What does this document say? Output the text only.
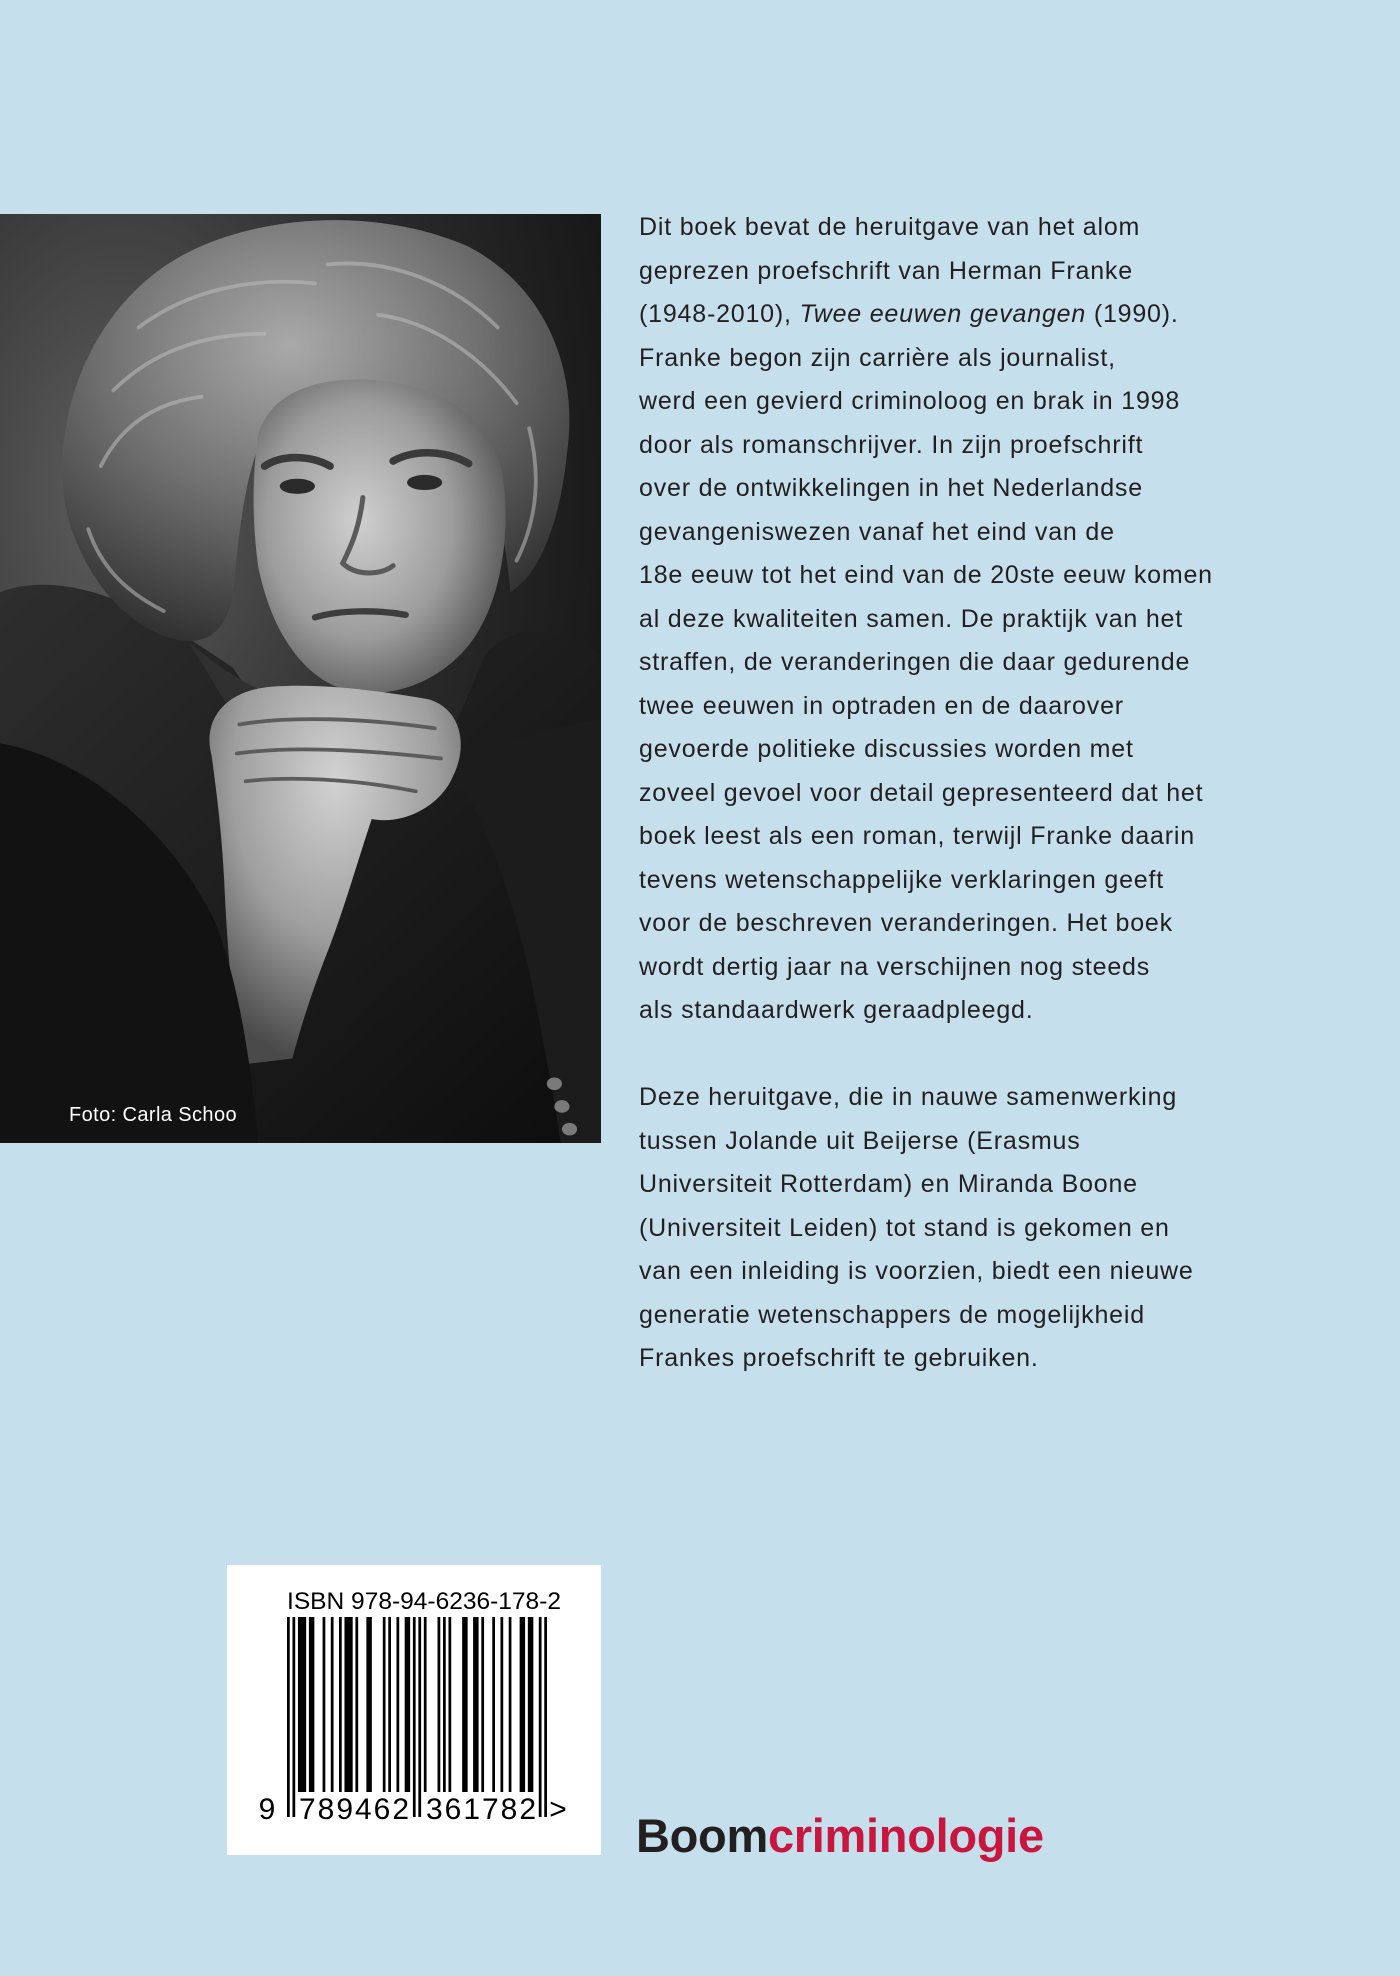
Foto: Carla Schoo
Dit boek bevat de heruitgave van het alom
geprezen proefschrift van Herman Franke
(1948-2010), Twee eeuwen gevangen (1990).
Franke begon zijn carrière als journalist,
werd een gevierd criminoloog en brak in 1998
door als romanschrijver. In zijn proefschrift
over de ontwikkelingen in het Nederlandse
gevangeniswezen vanaf het eind van de
18e eeuw tot het eind van de 20ste eeuw komen
al deze kwaliteiten samen. De praktijk van het
straffen, de veranderingen die daar gedurende
twee eeuwen in optraden en de daarover
gevoerde politieke discussies worden met
zoveel gevoel voor detail gepresenteerd dat het
boek leest als een roman, terwijl Franke daarin
tevens wetenschappelijke verklaringen geeft
voor de beschreven veranderingen. Het boek
wordt dertig jaar na verschijnen nog steeds
als standaardwerk geraadpleegd.
Deze heruitgave, die in nauwe samenwerking
tussen Jolande uit Beijerse (Erasmus
Universiteit Rotterdam) en Miranda Boone
(Universiteit Leiden) tot stand is gekomen en
van een inleiding is voorzien, biedt een nieuwe
generatie wetenschappers de mogelijkheid
Frankes proefschrift te gebruiken.
ISBN 978-94-6236-178-2
9 789462 361782 > Boomcriminologie
